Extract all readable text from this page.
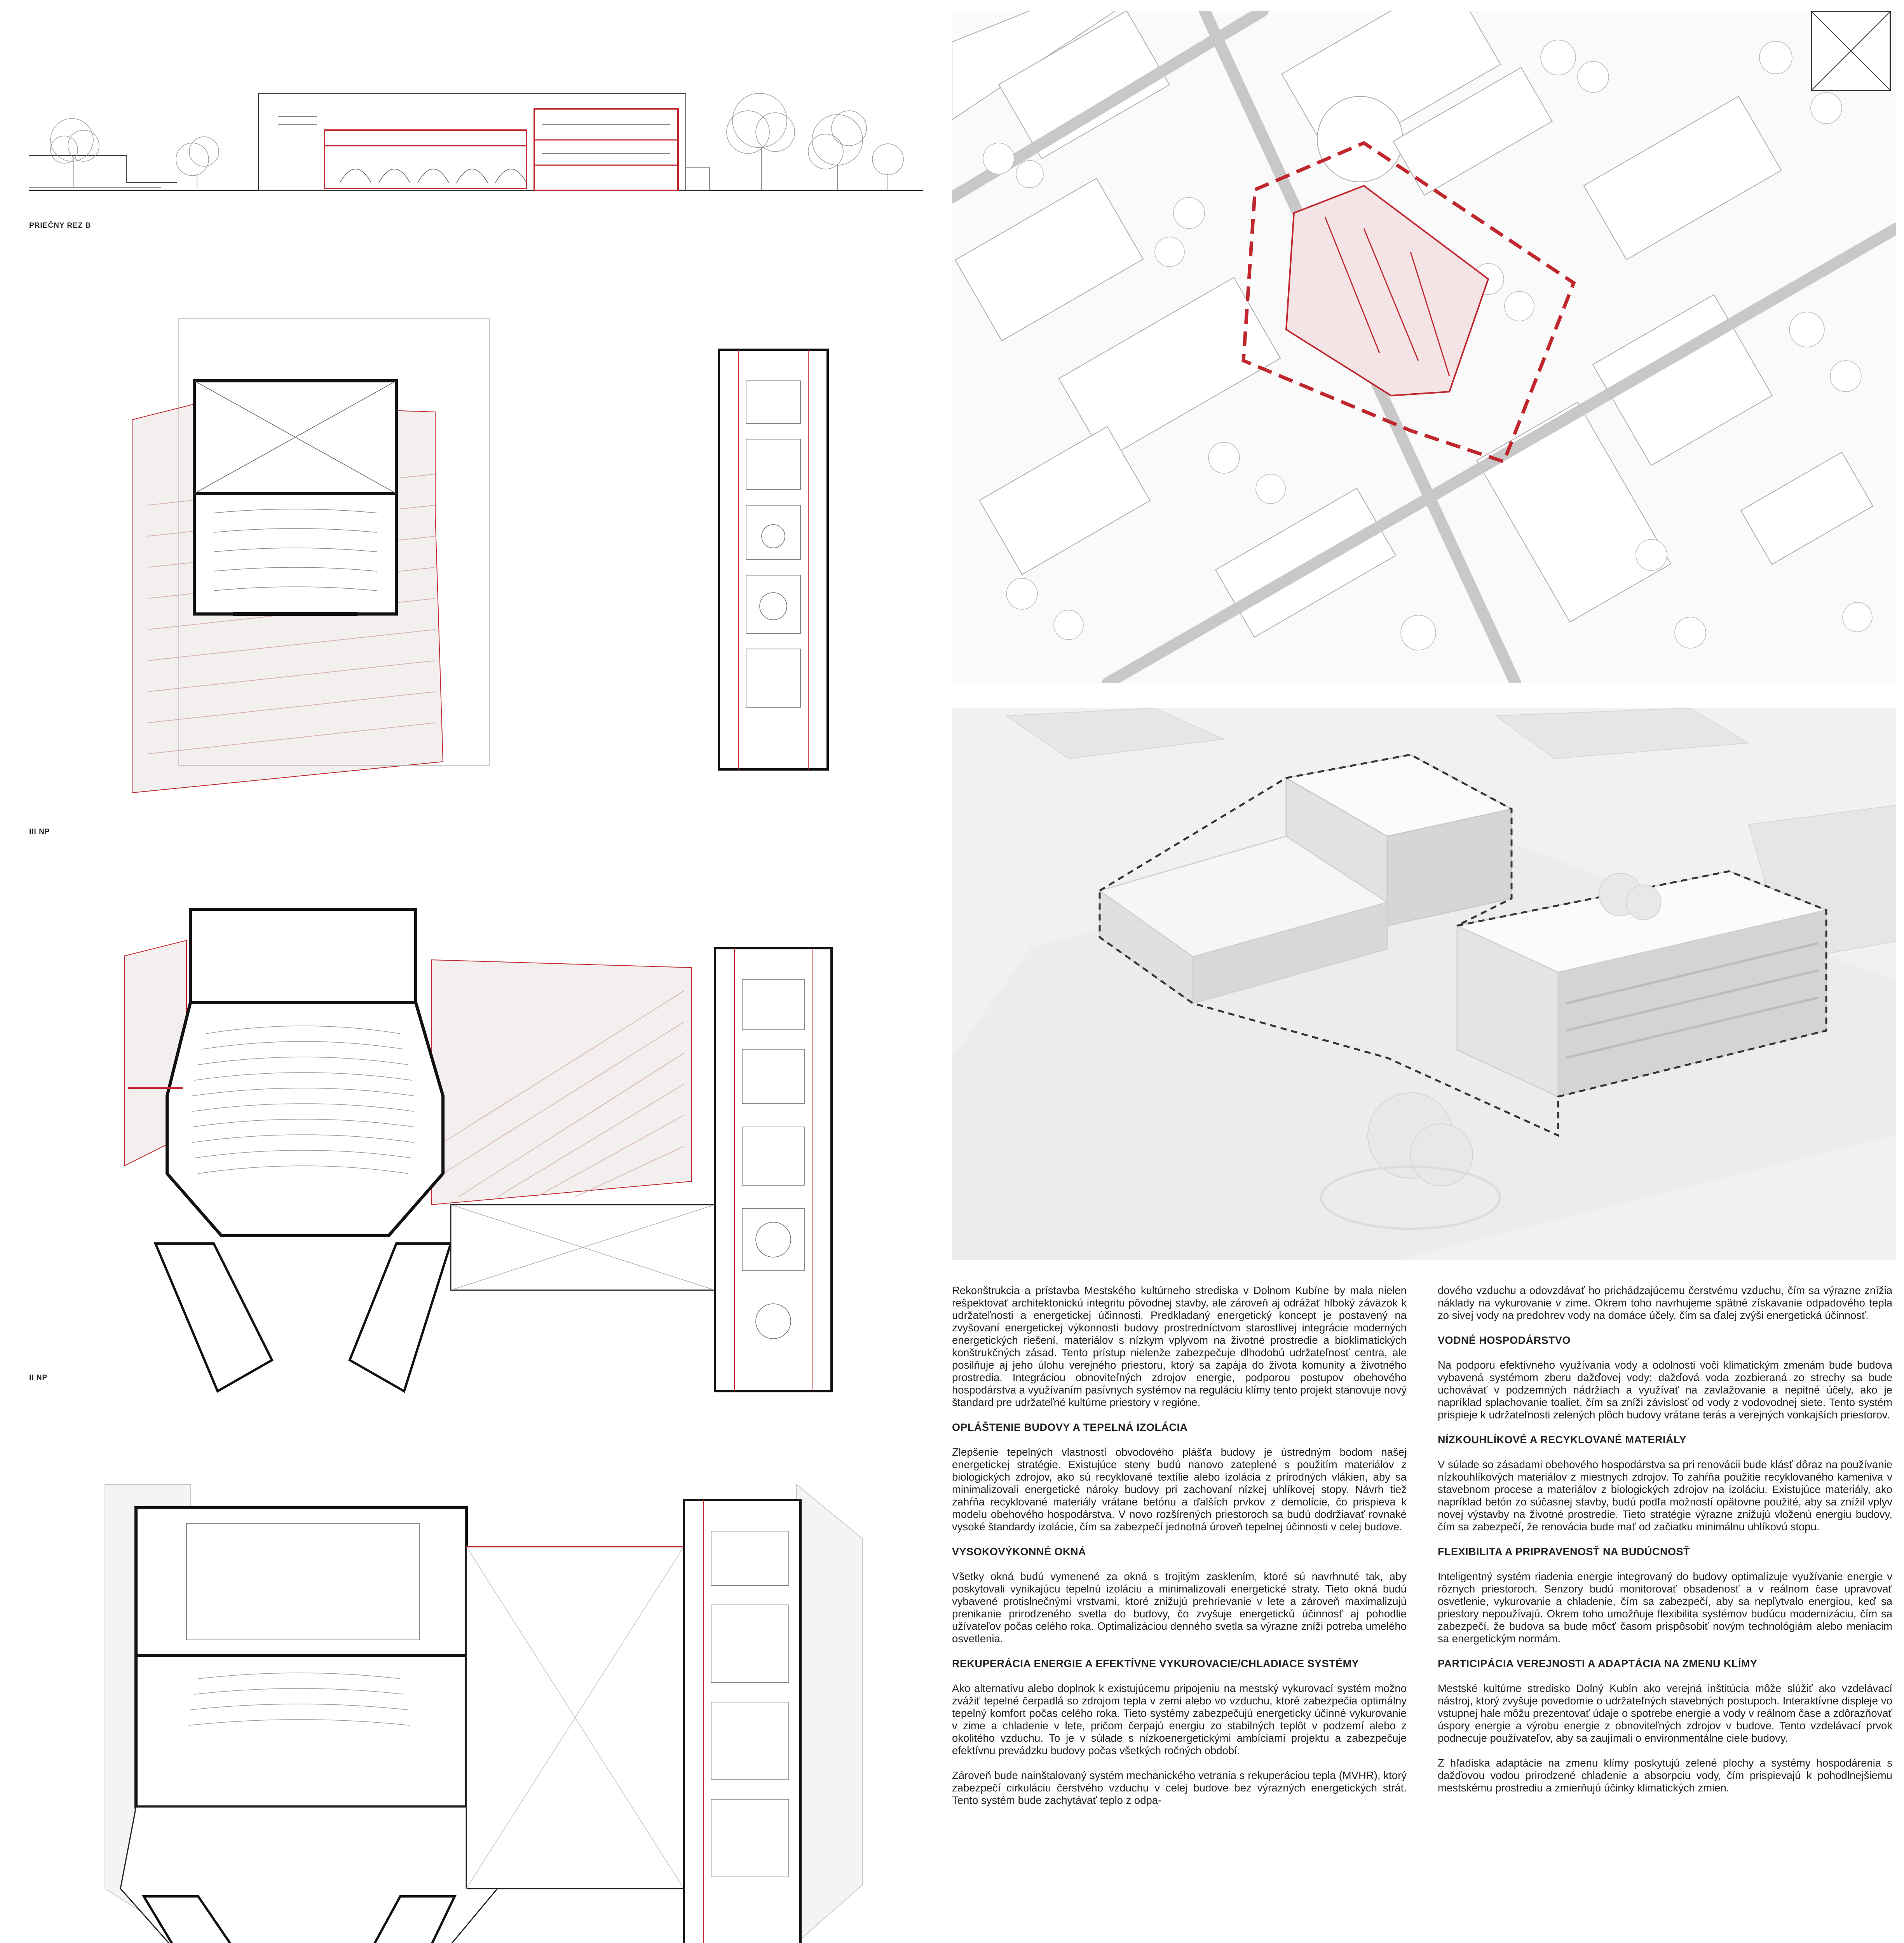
PRIEČNY REZ B
III NP
II NP

Rekonštrukcia a prístavba Mestského kultúrneho strediska v Dolnom Kubíne by mala nielen rešpektovať architektonickú integritu pôvodnej stavby, ale zároveň aj odrážať hlboký záväzok k udržateľnosti a energetickej účinnosti. Predkladaný energetický koncept je postavený na zvyšovaní energetickej výkonnosti budovy prostredníctvom starostlivej integrácie moderných energetických riešení, materiálov s nízkym vplyvom na životné prostredie a bioklimatických konštrukčných zásad. Tento prístup nielenže zabezpečuje dlhodobú udržateľnosť centra, ale posilňuje aj jeho úlohu verejného priestoru, ktorý sa zapája do života komunity a životného prostredia. Integráciou obnoviteľných zdrojov energie, podporou postupov obehového hospodárstva a využívaním pasívnych systémov na reguláciu klímy tento projekt stanovuje nový štandard pre udržateľné kultúrne priestory v regióne.

OPLÁŠTENIE BUDOVY A TEPELNÁ IZOLÁCIA

Zlepšenie tepelných vlastností obvodového plášťa budovy je ústredným bodom našej energetickej stratégie. Existujúce steny budú nanovo zateplené s použitím materiálov z biologických zdrojov, ako sú recyklované textílie alebo izolácia z prírodných vlákien, aby sa minimalizovali energetické nároky budovy pri zachovaní nízkej uhlíkovej stopy. Návrh tiež zahŕňa recyklované materiály vrátane betónu a ďalších prvkov z demolície, čo prispieva k modelu obehového hospodárstva. V novo rozšírených priestoroch sa budú dodržiavať rovnaké vysoké štandardy izolácie, čím sa zabezpečí jednotná úroveň tepelnej účinnosti v celej budove.

VYSOKOVÝKONNÉ OKNÁ

Všetky okná budú vymenené za okná s trojitým zasklením, ktoré sú navrhnuté tak, aby poskytovali vynikajúcu tepelnú izoláciu a minimalizovali energetické straty. Tieto okná budú vybavené protislnečnými vrstvami, ktoré znižujú prehrievanie v lete a zároveň maximalizujú prenikanie prirodzeného svetla do budovy, čo zvyšuje energetickú účinnosť aj pohodlie užívateľov počas celého roka. Optimalizáciou denného svetla sa výrazne zníži potreba umelého osvetlenia.

REKUPERÁCIA ENERGIE A EFEKTÍVNE VYKUROVACIE/CHLADIACE SYSTÉMY

Ako alternatívu alebo doplnok k existujúcemu pripojeniu na mestský vykurovací systém možno zvážiť tepelné čerpadlá so zdrojom tepla v zemi alebo vo vzduchu, ktoré zabezpečia optimálny tepelný komfort počas celého roka. Tieto systémy zabezpečujú energeticky účinné vykurovanie v zime a chladenie v lete, pričom čerpajú energiu zo stabilných teplôt v podzemí alebo z okolitého vzduchu. To je v súlade s nízkoenergetickými ambíciami projektu a zabezpečuje efektívnu prevádzku budovy počas všetkých ročných období.

Zároveň bude nainštalovaný systém mechanického vetrania s rekuperáciou tepla (MVHR), ktorý zabezpečí cirkuláciu čerstvého vzduchu v celej budove bez výrazných energetických strát. Tento systém bude zachytávať teplo z odpa-

dového vzduchu a odovzdávať ho prichádzajúcemu čerstvému vzduchu, čím sa výrazne znížia náklady na vykurovanie v zime. Okrem toho navrhujeme spätné získavanie odpadového tepla zo sivej vody na predohrev vody na domáce účely, čím sa ďalej zvýši energetická účinnosť.

VODNÉ HOSPODÁRSTVO

Na podporu efektívneho využívania vody a odolnosti voči klimatickým zmenám bude budova vybavená systémom zberu dažďovej vody: dažďová voda zozbieraná zo strechy sa bude uchovávať v podzemných nádržiach a využívať na zavlažovanie a nepitné účely, ako je napríklad splachovanie toaliet, čím sa zníži závislosť od vody z vodovodnej siete. Tento systém prispieje k udržateľnosti zelených plôch budovy vrátane terás a verejných vonkajších priestorov.

NÍZKOUHLÍKOVÉ A RECYKLOVANÉ MATERIÁLY

V súlade so zásadami obehového hospodárstva sa pri renovácii bude klásť dôraz na používanie nízkouhlíkových materiálov z miestnych zdrojov. To zahŕňa použitie recyklovaného kameniva v stavebnom procese a materiálov z biologických zdrojov na izoláciu. Existujúce materiály, ako napríklad betón zo súčasnej stavby, budú podľa možností opätovne použité, aby sa znížil vplyv novej výstavby na životné prostredie. Tieto stratégie výrazne znižujú vloženú energiu budovy, čím sa zabezpečí, že renovácia bude mať od začiatku minimálnu uhlíkovú stopu.

FLEXIBILITA A PRIPRAVENOSŤ NA BUDÚCNOSŤ

Inteligentný systém riadenia energie integrovaný do budovy optimalizuje využívanie energie v rôznych priestoroch. Senzory budú monitorovať obsadenosť a v reálnom čase upravovať osvetlenie, vykurovanie a chladenie, čím sa zabezpečí, aby sa nepľytvalo energiou, keď sa priestory nepoužívajú. Okrem toho umožňuje flexibilita systémov budúcu modernizáciu, čím sa zabezpečí, že budova sa bude môcť časom prispôsobiť novým technológiám alebo meniacim sa energetickým normám.

PARTICIPÁCIA VEREJNOSTI A ADAPTÁCIA NA ZMENU KLÍMY

Mestské kultúrne stredisko Dolný Kubín ako verejná inštitúcia môže slúžiť ako vzdelávací nástroj, ktorý zvyšuje povedomie o udržateľných stavebných postupoch. Interaktívne displeje vo vstupnej hale môžu prezentovať údaje o spotrebe energie a vody v reálnom čase a zdôrazňovať úspory energie a výrobu energie z obnoviteľných zdrojov v budove. Tento vzdelávací prvok podnecuje používateľov, aby sa zaujímali o environmentálne ciele budovy.

Z hľadiska adaptácie na zmenu klímy poskytujú zelené plochy a systémy hospodárenia s dažďovou vodou prirodzené chladenie a absorpciu vody, čím prispievajú k pohodlnejšiemu mestskému prostrediu a zmierňujú účinky klimatických zmien.
